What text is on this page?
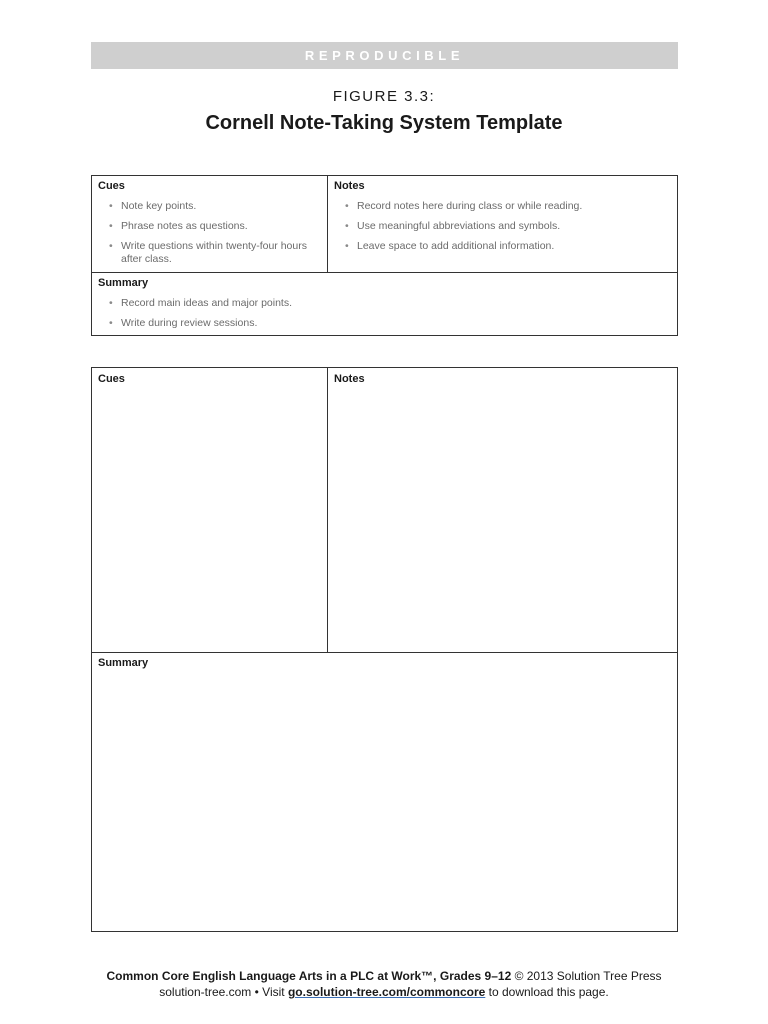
REPRODUCIBLE
FIGURE 3.3:
Cornell Note-Taking System Template
Cues	Notes
• Note key points.
• Phrase notes as questions.
• Write questions within twenty-four hours after class.
• Record notes here during class or while reading.
• Use meaningful abbreviations and symbols.
• Leave space to add additional information.
Summary
• Record main ideas and major points.
• Write during review sessions.
Cues	Notes
Summary
Common Core English Language Arts in a PLC at Work™, Grades 9–12 © 2013 Solution Tree Press
solution-tree.com • Visit go.solution-tree.com/commoncore to download this page.
